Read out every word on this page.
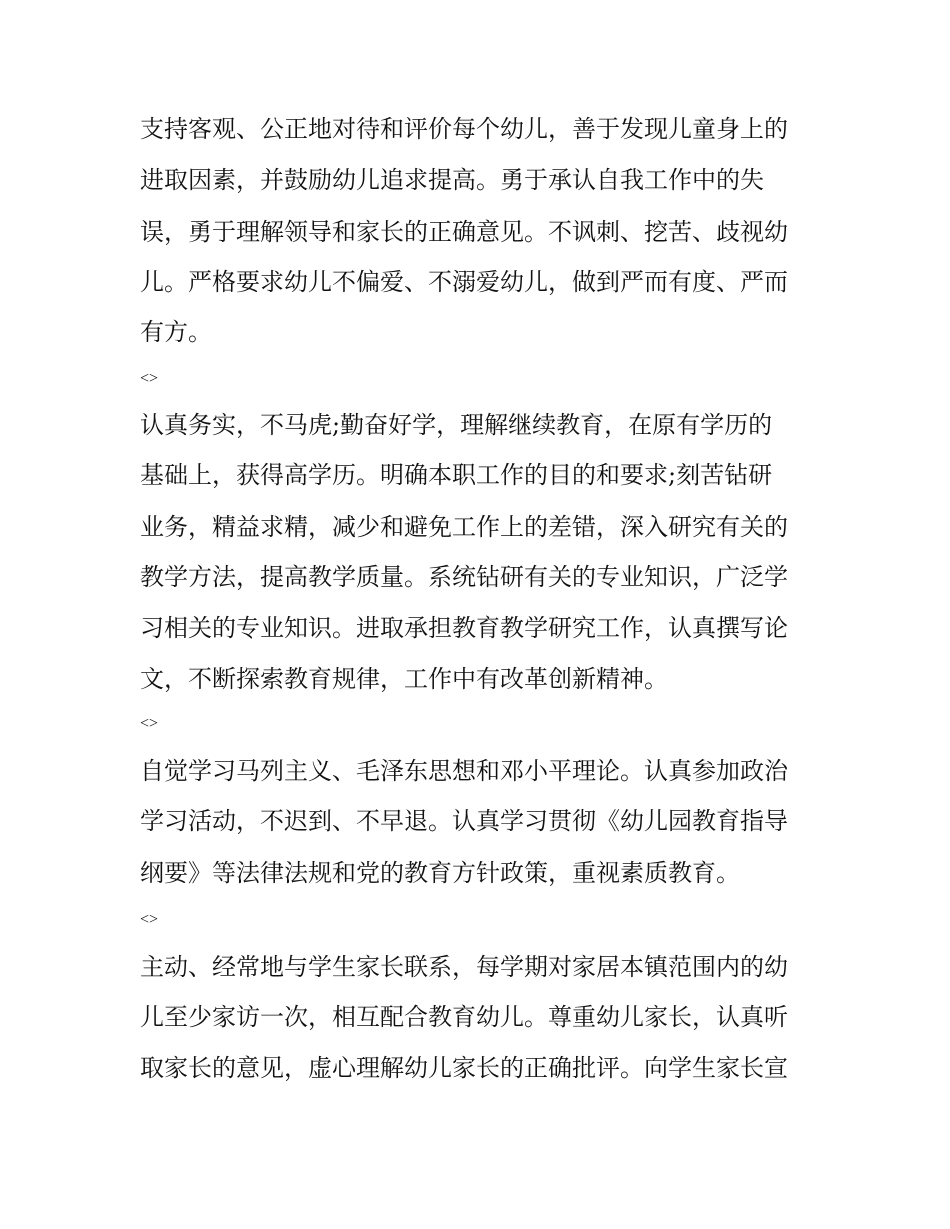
支持客观、公正地对待和评价每个幼儿，善于发现儿童身上的

进取因素，并鼓励幼儿追求提高。勇于承认自我工作中的失

误，勇于理解领导和家长的正确意见。不讽刺、挖苦、歧视幼

儿。严格要求幼儿不偏爱、不溺爱幼儿，做到严而有度、严而

有方。

<>

认真务实，不马虎;勤奋好学，理解继续教育，在原有学历的

基础上，获得高学历。明确本职工作的目的和要求;刻苦钻研

业务，精益求精，减少和避免工作上的差错，深入研究有关的

教学方法，提高教学质量。系统钻研有关的专业知识，广泛学

习相关的专业知识。进取承担教育教学研究工作，认真撰写论

文，不断探索教育规律，工作中有改革创新精神。

<>

自觉学习马列主义、毛泽东思想和邓小平理论。认真参加政治

学习活动，不迟到、不早退。认真学习贯彻《幼儿园教育指导

纲要》等法律法规和党的教育方针政策，重视素质教育。

<>

主动、经常地与学生家长联系，每学期对家居本镇范围内的幼

儿至少家访一次，相互配合教育幼儿。尊重幼儿家长，认真听

取家长的意见，虚心理解幼儿家长的正确批评。向学生家长宣
